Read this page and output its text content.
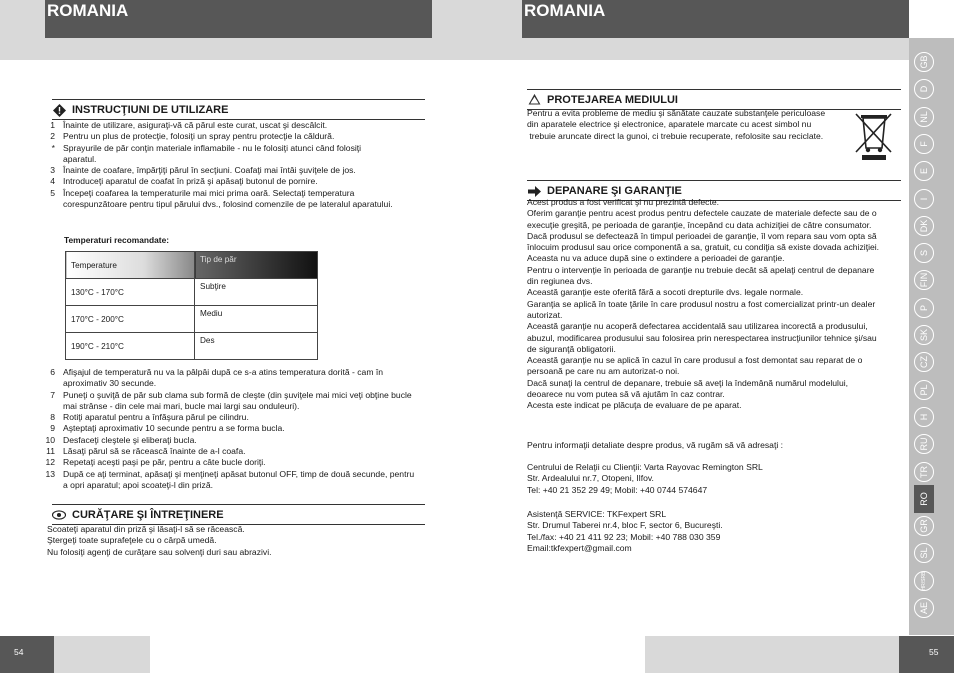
ROMANIA	ROMANIA
INSTRUCŢIUNI DE UTILIZARE
1 Înainte de utilizare, asiguraţi-vă că părul este curat, uscat şi descâlcit.
2 Pentru un plus de protecţie, folosiţi un spray pentru protecţie la căldură.
* Sprayurile de păr conţin materiale inflamabile - nu le folosiţi atunci când folosiţi aparatul.
3 Înainte de coafare, împărţiţi părul în secţiuni. Coafaţi mai întâi şuviţele de jos.
4 Introduceţi aparatul de coafat în priză şi apăsaţi butonul de pornire.
5 Începeţi coafarea la temperaturile mai mici prima oară. Selectaţi temperatura corespunzătoare pentru tipul părului dvs., folosind comenzile de pe lateralul aparatului.
Temperaturi recomandate:
Temperature	Tip de păr
130°C - 170°C	Subţire
170°C - 200°C	Mediu
190°C - 210°C	Des
6 Afişajul de temperatură nu va la pâlpâi după ce s-a atins temperatura dorită - cam în aproximativ 30 secunde.
7 Puneţi o şuviţă de păr sub clama sub formă de cleşte (din şuviţele mai mici veţi obţine bucle mai strânse - din cele mai mari, bucle mai largi sau onduleuri).
8 Rotiţi aparatul pentru a înfăşura părul pe cilindru.
9 Aşteptaţi aproximativ 10 secunde pentru a se forma bucla.
10 Desfaceţi cleştele şi eliberaţi bucla.
11 Lăsaţi părul să se răcească înainte de a-l coafa.
12 Repetaţi aceşti paşi pe păr, pentru a câte bucle doriţi.
13 După ce aţi terminat, apăsaţi şi menţineţi apăsat butonul OFF, timp de două secunde, pentru a opri aparatul; apoi scoateţi-l din priză.
CURĂŢARE ŞI ÎNTREŢINERE
Scoateţi aparatul din priză şi lăsaţi-l să se răcească.
Ştergeţi toate suprafeţele cu o cârpă umedă.
Nu folosiţi agenţi de curăţare sau solvenţi duri sau abrazivi.
PROTEJAREA MEDIULUI
Pentru a evita probleme de mediu şi sănătate cauzate substanţele periculoase
din aparatele electrice şi electronice, aparatele marcate cu acest simbol nu
trebuie aruncate direct la gunoi, ci trebuie recuperate, refolosite sau reciclate.
DEPANARE ŞI GARANŢIE
Acest produs a fost verificat şi nu prezintă defecte.
Oferim garanţie pentru acest produs pentru defectele cauzate de materiale defecte sau de o
execuţie greşită, pe perioada de garanţie, începând cu data achiziţiei de către consumator.
Dacă produsul se defectează în timpul perioadei de garanţie, îl vom repara sau vom opta să
înlocuim produsul sau orice componentă a sa, gratuit, cu condiţia să existe dovada achiziţiei.
Aceasta nu va aduce după sine o extindere a perioadei de garanţie.
Pentru o intervenţie în perioada de garanţie nu trebuie decât să apelaţi centrul de depanare
din regiunea dvs.
Această garanţie este oferită fără a socoti drepturile dvs. legale normale.
Garanţia se aplică în toate ţările în care produsul nostru a fost comercializat printr-un dealer
autorizat.
Această garanţie nu acoperă defectarea accidentală sau utilizarea incorectă a produsului,
abuzul, modificarea produsului sau folosirea prin nerespectarea instrucţiunilor tehnice şi/sau
de siguranţă obligatorii.
Această garanţie nu se aplică în cazul în care produsul a fost demontat sau reparat de o
persoană pe care nu am autorizat-o noi.
Dacă sunaţi la centrul de depanare, trebuie să aveţi la îndemână numărul modelului,
deoarece nu vom putea să vă ajutăm în caz contrar.
Acesta este indicat pe plăcuţa de evaluare de pe aparat.
Pentru informaţii detaliate despre produs, vă rugăm să vă adresaţi :
Centrului de Relaţii cu Clienţii: Varta Rayovac Remington SRL
Str. Ardealului nr.7, Otopeni, Ilfov.
Tel: +40 21 352 29 49; Mobil: +40 0744 574647
Asistenţă SERVICE: TKFexpert SRL
Str. Drumul Taberei nr.4, bloc F, sector 6, Bucureşti.
Tel./fax: +40 21 411 92 23; Mobil: +40 788 030 359
Email:tkfexpert@gmail.com
GB
D
NL
F
E
I
DK
S
FIN
P
SK
CZ
PL
H
RU
TR
RO
GR
SL
HR/SRB
AE
54	55
